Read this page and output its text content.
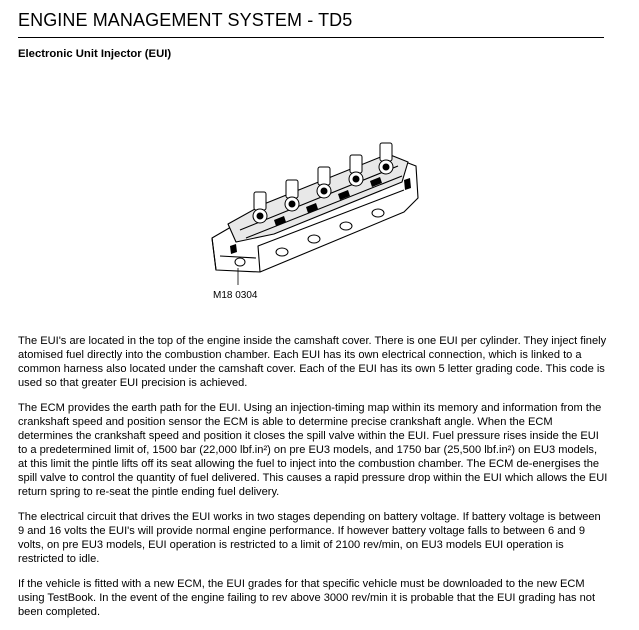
ENGINE MANAGEMENT SYSTEM - TD5
Electronic Unit Injector (EUI)

M18 0304

The EUI's are located in the top of the engine inside the camshaft cover. There is one EUI per cylinder. They inject finely atomised fuel directly into the combustion chamber. Each EUI has its own electrical connection, which is linked to a common harness also located under the camshaft cover. Each of the EUI has its own 5 letter grading code. This code is used so that greater EUI precision is achieved.

The ECM provides the earth path for the EUI. Using an injection-timing map within its memory and information from the crankshaft speed and position sensor the ECM is able to determine precise crankshaft angle. When the ECM determines the crankshaft speed and position it closes the spill valve within the EUI. Fuel pressure rises inside the EUI to a predetermined limit of, 1500 bar (22,000 lbf.in²) on pre EU3 models, and 1750 bar (25,500 lbf.in²) on EU3 models, at this limit the pintle lifts off its seat allowing the fuel to inject into the combustion chamber. The ECM de-energises the spill valve to control the quantity of fuel delivered. This causes a rapid pressure drop within the EUI which allows the EUI return spring to re-seat the pintle ending fuel delivery.

The electrical circuit that drives the EUI works in two stages depending on battery voltage. If battery voltage is between 9 and 16 volts the EUI's will provide normal engine performance. If however battery voltage falls to between 6 and 9 volts, on pre EU3 models, EUI operation is restricted to a limit of 2100 rev/min, on EU3 models EUI operation is restricted to idle.

If the vehicle is fitted with a new ECM, the EUI grades for that specific vehicle must be downloaded to the new ECM using TestBook. In the event of the engine failing to rev above 3000 rev/min it is probable that the EUI grading has not been completed.
